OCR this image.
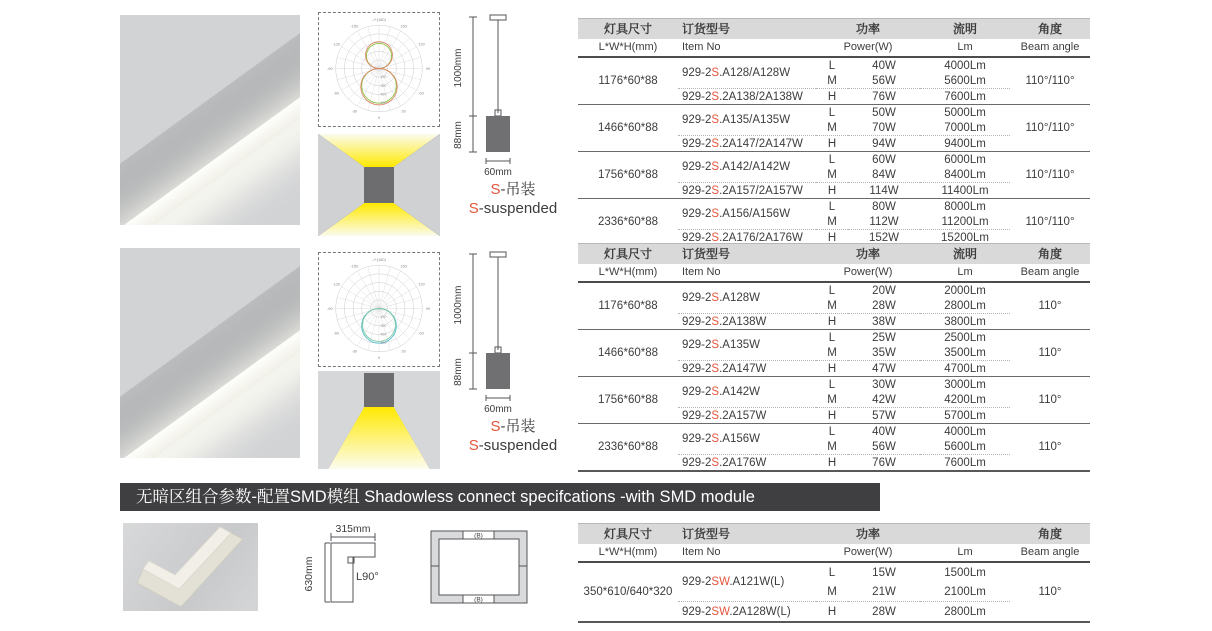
0
30
60
90
120
150
-/+(180)
-30
-60
-90
-120
-150
150
300
450
600
1000mm
88mm
60mm
S-吊装
S-suspended
灯具尺寸	订货型号	功率		流明	角度
L*W*H(mm)	Item No	Power(W)		Lm	Beam angle
1176*60*88	929-2S.A128/A128W	L	40W	4000Lm	110°/110°
		M	56W	5600Lm	
	929-2S.2A138/2A138W	H	76W	7600Lm	
1466*60*88	929-2S.A135/A135W	L	50W	5000Lm	110°/110°
		M	70W	7000Lm	
	929-2S.2A147/2A147W	H	94W	9400Lm	
1756*60*88	929-2S.A142/A142W	L	60W	6000Lm	110°/110°
		M	84W	8400Lm	
	929-2S.2A157/2A157W	H	114W	11400Lm	
2336*60*88	929-2S.A156/A156W	L	80W	8000Lm	110°/110°
		M	112W	11200Lm	
	929-2S.2A176/2A176W	H	152W	15200Lm	
0
30
60
90
120
150
-/+(180)
-30
-60
-90
-120
-150
150
300
450
600
1000mm
88mm
60mm
S-吊装
S-suspended
灯具尺寸	订货型号	功率		流明	角度
L*W*H(mm)	Item No	Power(W)		Lm	Beam angle
1176*60*88	929-2S.A128W	L	20W	2000Lm	110°
		M	28W	2800Lm	
	929-2S.2A138W	H	38W	3800Lm	
1466*60*88	929-2S.A135W	L	25W	2500Lm	110°
		M	35W	3500Lm	
	929-2S.2A147W	H	47W	4700Lm	
1756*60*88	929-2S.A142W	L	30W	3000Lm	110°
		M	42W	4200Lm	
	929-2S.2A157W	H	57W	5700Lm	
2336*60*88	929-2S.A156W	L	40W	4000Lm	110°
		M	56W	5600Lm	
	929-2S.2A176W	H	76W	7600Lm	
无暗区组合参数-配置SMD模组 Shadowless connect specifcations -with SMD module
315mm
L90°
630mm
(B)
(B)
灯具尺寸	订货型号	功率			角度
L*W*H(mm)	Item No	Power(W)		Lm	Beam angle
350*610/640*320	929-2SW.A121W(L)	L	15W	1500Lm	110°
		M	21W	2100Lm	
	929-2SW.2A128W(L)	H	28W	2800Lm	
